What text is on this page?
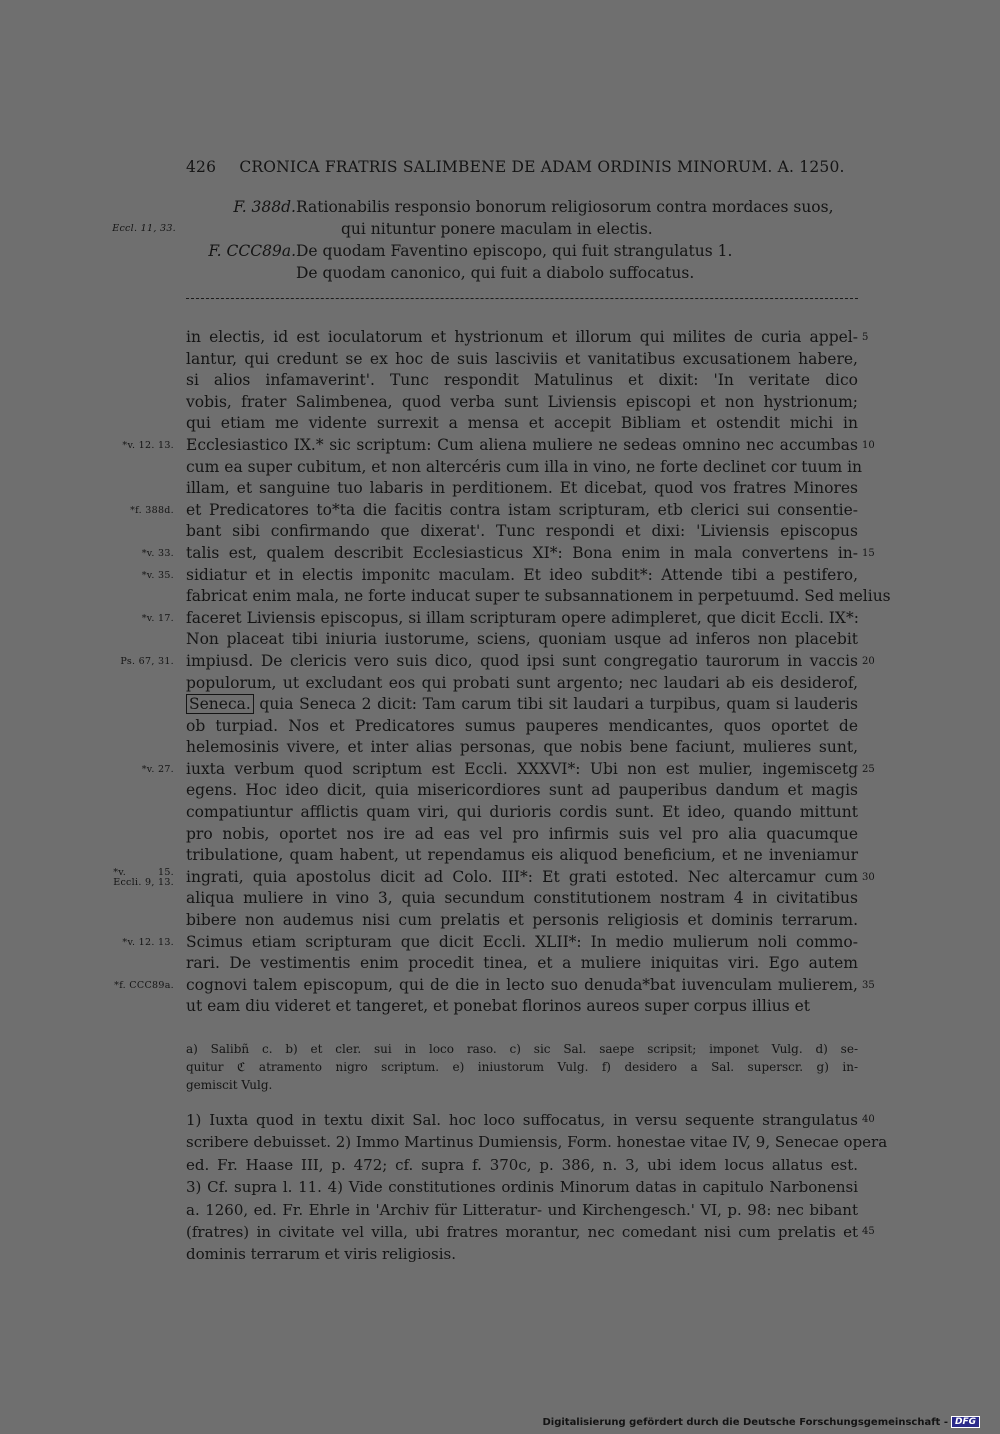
426 CRONICA FRATRIS SALIMBENE DE ADAM ORDINIS MINORUM. A. 1250.
F. 388d. Rationabilis responsio bonorum religiosorum contra mordaces suos,
Eccl. 11, 33.	qui nituntur ponere maculam in electis.
F. CCC89a. De quodam Faventino episcopo, qui fuit strangulatus 1.
De quodam canonico, qui fuit a diabolo suffocatus.
in electis, id est ioculatorum et hystrionum et illorum qui milites de curia appel- 5
lantur, qui credunt se ex hoc de suis lasciviis et vanitatibus excusationem habere,
si alios infamaverint'. Tunc respondit Matulinus et dixit: 'In veritate dico
vobis, frater Salimbenea, quod verba sunt Liviensis episcopi et non hystrionum;
qui etiam me vidente surrexit a mensa et accepit Bibliam et ostendit michi in
*v. 12. 13. Ecclesiastico IX.* sic scriptum: Cum aliena muliere ne sedeas omnino nec accumbas 10
cum ea super cubitum, et non altercéris cum illa in vino, ne forte declinet cor tuum in
illam, et sanguine tuo labaris in perditionem. Et dicebat, quod vos fratres Minores
*f. 388d. et Predicatores to*ta die facitis contra istam scripturam, etb clerici sui consentie-
bant sibi confirmando que dixerat'. Tunc respondi et dixi: 'Liviensis episcopus
*v. 33. talis est, qualem describit Ecclesiasticus XI*: Bona enim in mala convertens in- 15
*v. 35. sidiatur et in electis imponitc maculam. Et ideo subdit*: Attende tibi a pestifero,
fabricat enim mala, ne forte inducat super te subsannationem in perpetuumd. Sed melius
*v. 17. faceret Liviensis episcopus, si illam scripturam opere adimpleret, que dicit Eccli. IX*:
Non placeat tibi iniuria iustorume, sciens, quoniam usque ad inferos non placebit
Ps. 67, 31. impiusd. De clericis vero suis dico, quod ipsi sunt congregatio taurorum in vaccis 20
populorum, ut excludant eos qui probati sunt argento; nec laudari ab eis desiderof,
Seneca. quia Seneca 2 dicit: Tam carum tibi sit laudari a turpibus, quam si lauderis
ob turpiad. Nos et Predicatores sumus pauperes mendicantes, quos oportet de
helemosinis vivere, et inter alias personas, que nobis bene faciunt, mulieres sunt,
*v. 27. iuxta verbum quod scriptum est Eccli. XXXVI*: Ubi non est mulier, ingemiscetg 25
egens. Hoc ideo dicit, quia misericordiores sunt ad pauperibus dandum et magis
compatiuntur afflictis quam viri, qui durioris cordis sunt. Et ideo, quando mittunt
pro nobis, oportet nos ire ad eas vel pro infirmis suis vel pro alia quacumque
tribulatione, quam habent, ut rependamus eis aliquod beneficium, et ne inveniamur
*v. 15.
Eccli. 9, 13. ingrati, quia apostolus dicit ad Colo. III*: Et grati estoted. Nec altercamur cum 30
aliqua muliere in vino 3, quia secundum constitutionem nostram 4 in civitatibus
bibere non audemus nisi cum prelatis et personis religiosis et dominis terrarum.
*v. 12. 13. Scimus etiam scripturam que dicit Eccli. XLII*: In medio mulierum noli commo-
rari. De vestimentis enim procedit tinea, et a muliere iniquitas viri. Ego autem
*f. CCC89a. cognovi talem episcopum, qui de die in lecto suo denuda*bat iuvenculam mulierem, 35
ut eam diu videret et tangeret, et ponebat florinos aureos super corpus illius et
a) Salibñ c. b) et cler. sui in loco raso. c) sic Sal. saepe scripsit; imponet Vulg. d) se-
quitur ℭ atramento nigro scriptum. e) iniustorum Vulg. f) desidero a Sal. superscr. g) in-
gemiscit Vulg.
1) Iuxta quod in textu dixit Sal. hoc loco suffocatus, in versu sequente strangulatus 40
scribere debuisset. 2) Immo Martinus Dumiensis, Form. honestae vitae IV, 9, Senecae opera
ed. Fr. Haase III, p. 472; cf. supra f. 370c, p. 386, n. 3, ubi idem locus allatus est.
3) Cf. supra l. 11. 4) Vide constitutiones ordinis Minorum datas in capitulo Narbonensi
a. 1260, ed. Fr. Ehrle in 'Archiv für Litteratur- und Kirchengesch.' VI, p. 98: nec bibant
(fratres) in civitate vel villa, ubi fratres morantur, nec comedant nisi cum prelatis et 45
dominis terrarum et viris religiosis.
Digitalisierung gefördert durch die Deutsche Forschungsgemeinschaft - DFG
